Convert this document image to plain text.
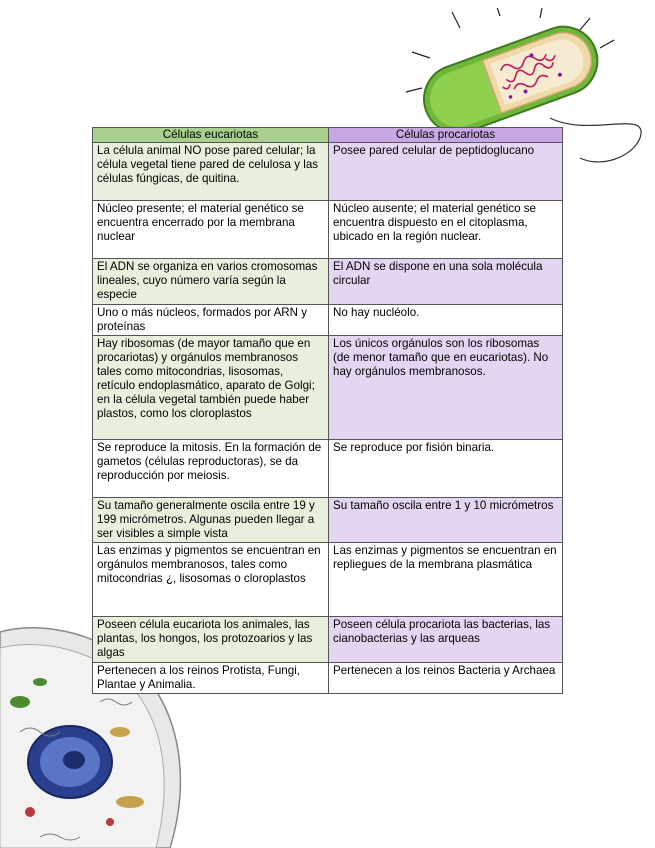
Células eucariotas	Células procariotas
La célula animal NO pose pared celular; la célula vegetal tiene pared de celulosa y las células fúngicas, de quitina.	Posee pared celular de peptidoglucano
Núcleo presente; el material genético se encuentra encerrado por la membrana nuclear	Núcleo ausente; el material genético se encuentra dispuesto en el citoplasma, ubicado en la región nuclear.
El ADN se organiza en varios cromosomas lineales, cuyo número varía según la especie	El ADN se dispone en una sola molécula circular
Uno o más núcleos, formados por ARN y proteínas	No hay nucléolo.
Hay ribosomas (de mayor tamaño que en procariotas) y orgánulos membranosos tales como mitocondrias, lisosomas, retículo endoplasmático, aparato de Golgi; en la célula vegetal también puede haber plastos, como los cloroplastos	Los únicos orgánulos son los ribosomas (de menor tamaño que en eucariotas). No hay orgánulos membranosos.
Se reproduce la mitosis. En la formación de gametos (células reproductoras), se da reproducción por meiosis.	Se reproduce por fisión binaria.
Su tamaño generalmente oscila entre 19 y 199 micrómetros. Algunas pueden llegar a ser visibles a simple vista	Su tamaño oscila entre 1 y 10 micrómetros
Las enzimas y pigmentos se encuentran en orgánulos membranosos, tales como mitocondrias ¿, lisosomas o cloroplastos	Las enzimas y pigmentos se encuentran en repliegues de la membrana plasmática
Poseen célula eucariota los animales, las plantas, los hongos, los protozoarios y las algas	Poseen célula procariota las bacterias, las cianobacterias y las arqueas
Pertenecen a los reinos Protista, Fungi, Plantae y Animalia.	Pertenecen a los reinos Bacteria y Archaea
